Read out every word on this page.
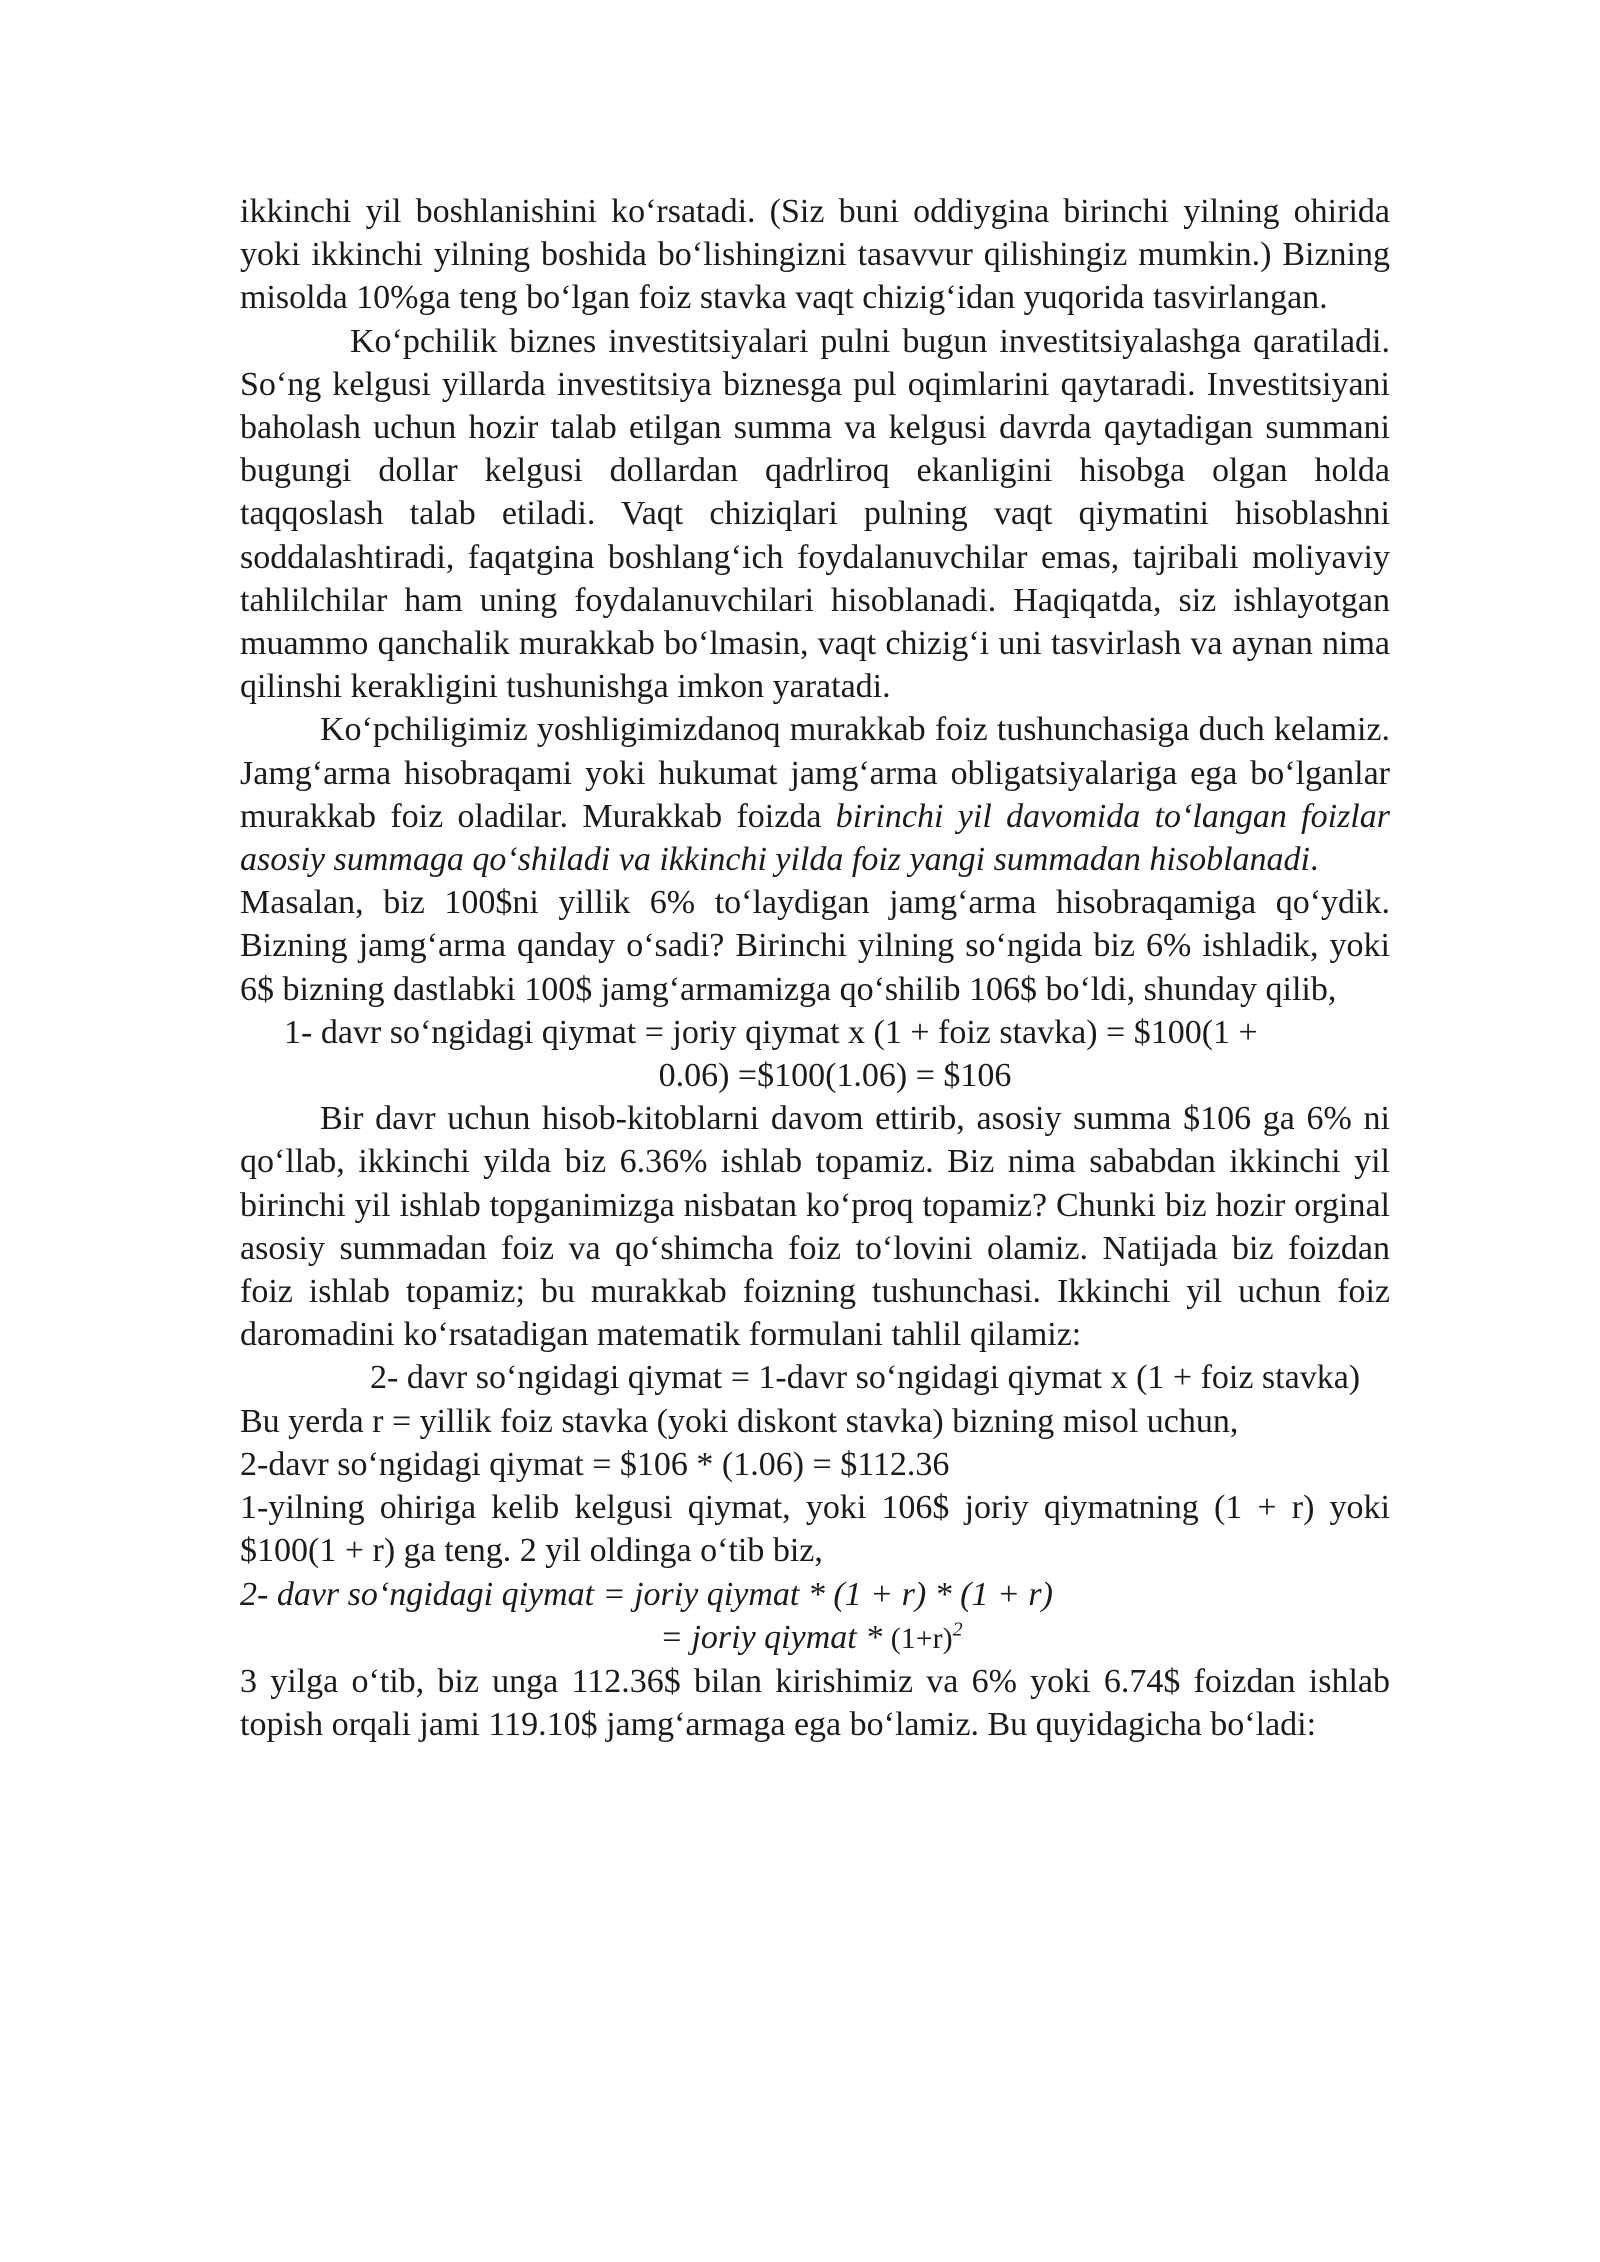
ikkinchi yil boshlanishini ko‘rsatadi. (Siz buni oddiygina birinchi yilning ohirida yoki ikkinchi yilning boshida bo‘lishingizni tasavvur qilishingiz mumkin.) Bizning misolda 10%ga teng bo‘lgan foiz stavka vaqt chizig‘idan yuqorida tasvirlangan.

Ko‘pchilik biznes investitsiyalari pulni bugun investitsiyalashga qaratiladi. So‘ng kelgusi yillarda investitsiya biznesga pul oqimlarini qaytaradi. Investitsiyani baholash uchun hozir talab etilgan summa va kelgusi davrda qaytadigan summani bugungi dollar kelgusi dollardan qadrliroq ekanligini hisobga olgan holda taqqoslash talab etiladi. Vaqt chiziqlari pulning vaqt qiymatini hisoblashni soddalashtiradi, faqatgina boshlang‘ich foydalanuvchilar emas, tajribali moliyaviy tahlilchilar ham uning foydalanuvchilari hisoblanadi. Haqiqatda, siz ishlayotgan muammo qanchalik murakkab bo‘lmasin, vaqt chizig‘i uni tasvirlash va aynan nima qilinshi kerakligini tushunishga imkon yaratadi.

Ko‘pchiligimiz yoshligimizdanoq murakkab foiz tushunchasiga duch kelamiz. Jamg‘arma hisobraqami yoki hukumat jamg‘arma obligatsiyalariga ega bo‘lganlar murakkab foiz oladilar. Murakkab foizda birinchi yil davomida to‘langan foizlar asosiy summaga qo‘shiladi va ikkinchi yilda foiz yangi summadan hisoblanadi.

Masalan, biz 100$ni yillik 6% to‘laydigan jamg‘arma hisobraqamiga qo‘ydik. Bizning jamg‘arma qanday o‘sadi? Birinchi yilning so‘ngida biz 6% ishladik, yoki 6$ bizning dastlabki 100$ jamg‘armamizga qo‘shilib 106$ bo‘ldi, shunday qilib,

1- davr so‘ngidagi qiymat = joriy qiymat x (1 + foiz stavka) = $100(1 +

0.06) =$100(1.06) = $106

Bir davr uchun hisob-kitoblarni davom ettirib, asosiy summa $106 ga 6% ni qo‘llab, ikkinchi yilda biz 6.36% ishlab topamiz. Biz nima sababdan ikkinchi yil birinchi yil ishlab topganimizga nisbatan ko‘proq topamiz? Chunki biz hozir orginal asosiy summadan foiz va qo‘shimcha foiz to‘lovini olamiz. Natijada biz foizdan foiz ishlab topamiz; bu murakkab foizning tushunchasi. Ikkinchi yil uchun foiz daromadini ko‘rsatadigan matematik formulani tahlil qilamiz:

2- davr so‘ngidagi qiymat = 1-davr so‘ngidagi qiymat x (1 + foiz stavka)

Bu yerda r = yillik foiz stavka (yoki diskont stavka) bizning misol uchun,

2-davr so‘ngidagi qiymat = $106 * (1.06) = $112.36

1-yilning ohiriga kelib kelgusi qiymat, yoki 106$ joriy qiymatning (1 + r) yoki $100(1 + r) ga teng. 2 yil oldinga o‘tib biz,

2- davr so‘ngidagi qiymat = joriy qiymat * (1 + r) * (1 + r)

= joriy qiymat * $(1+r)^2$

3 yilga o‘tib, biz unga 112.36$ bilan kirishimiz va 6% yoki 6.74$ foizdan ishlab topish orqali jami 119.10$ jamg‘armaga ega bo‘lamiz. Bu quyidagicha bo‘ladi:
